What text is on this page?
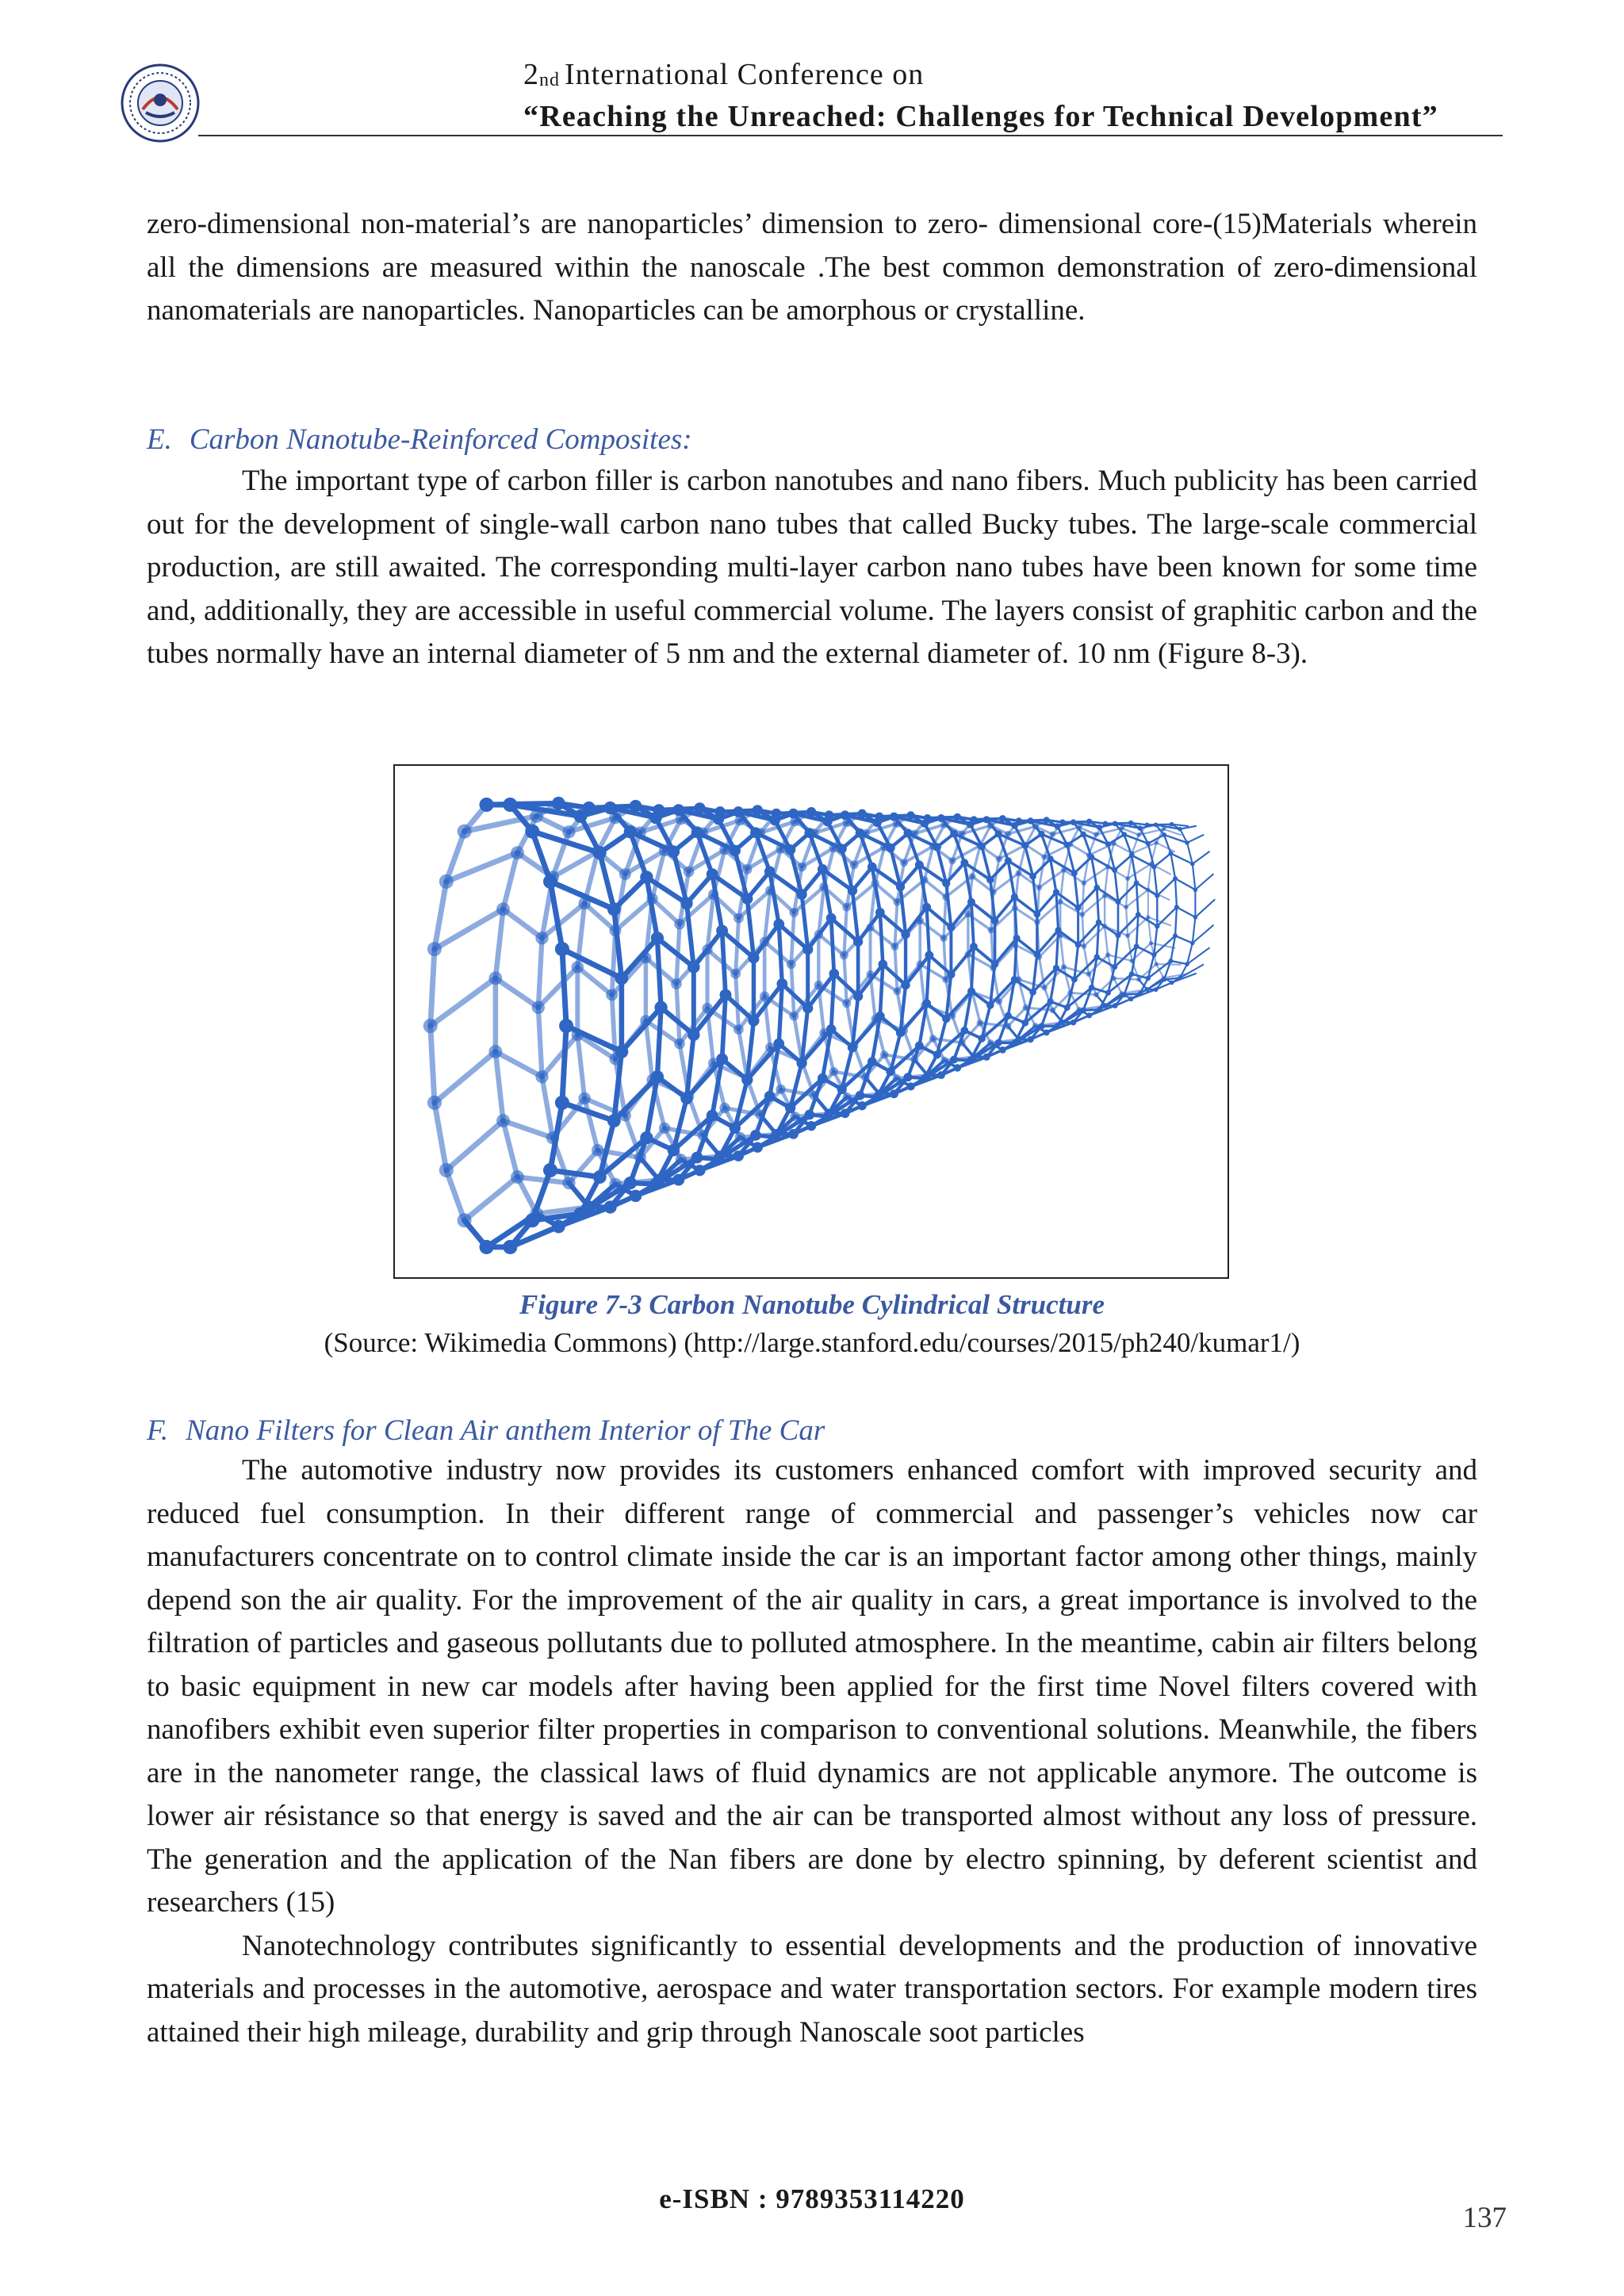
$2_{nd}$ International Conference on
“Reaching the Unreached: Challenges for Technical Development”

zero-dimensional non-material’s are nanoparticles’ dimension to zero- dimensional core-(15)Materials wherein all the dimensions are measured within the nanoscale .The best common demonstration of zero-dimensional nanomaterials are nanoparticles. Nanoparticles can be amorphous or crystalline.

E. Carbon Nanotube-Reinforced Composites:

The important type of carbon filler is carbon nanotubes and nano fibers. Much publicity has been carried out for the development of single-wall carbon nano tubes that called Bucky tubes. The large-scale commercial production, are still awaited. The corresponding multi-layer carbon nano tubes have been known for some time and, additionally, they are accessible in useful commercial volume. The layers consist of graphitic carbon and the tubes normally have an internal diameter of 5 nm and the external diameter of. 10 nm (Figure 8-3).

Figure 7-3 Carbon Nanotube Cylindrical Structure
(Source: Wikimedia Commons) (http://large.stanford.edu/courses/2015/ph240/kumar1/)
F. Nano Filters for Clean Air anthem Interior of The Car

The automotive industry now provides its customers enhanced comfort with improved security and reduced fuel consumption. In their different range of commercial and passenger’s vehicles now car manufacturers concentrate on to control climate inside the car is an important factor among other things, mainly depend son the air quality. For the improvement of the air quality in cars, a great importance is involved to the filtration of particles and gaseous pollutants due to polluted atmosphere. In the meantime, cabin air filters belong to basic equipment in new car models after having been applied for the first time Novel filters covered with nanofibers exhibit even superior filter properties in comparison to conventional solutions. Meanwhile, the fibers are in the nanometer range, the classical laws of fluid dynamics are not applicable anymore. The outcome is lower air résistance so that energy is saved and the air can be transported almost without any loss of pressure. The generation and the application of the Nan fibers are done by electro spinning, by deferent scientist and researchers (15)

Nanotechnology contributes significantly to essential developments and the production of innovative materials and processes in the automotive, aerospace and water transportation sectors. For example modern tires attained their high mileage, durability and grip through Nanoscale soot particles

e-ISBN : 9789353114220
137
